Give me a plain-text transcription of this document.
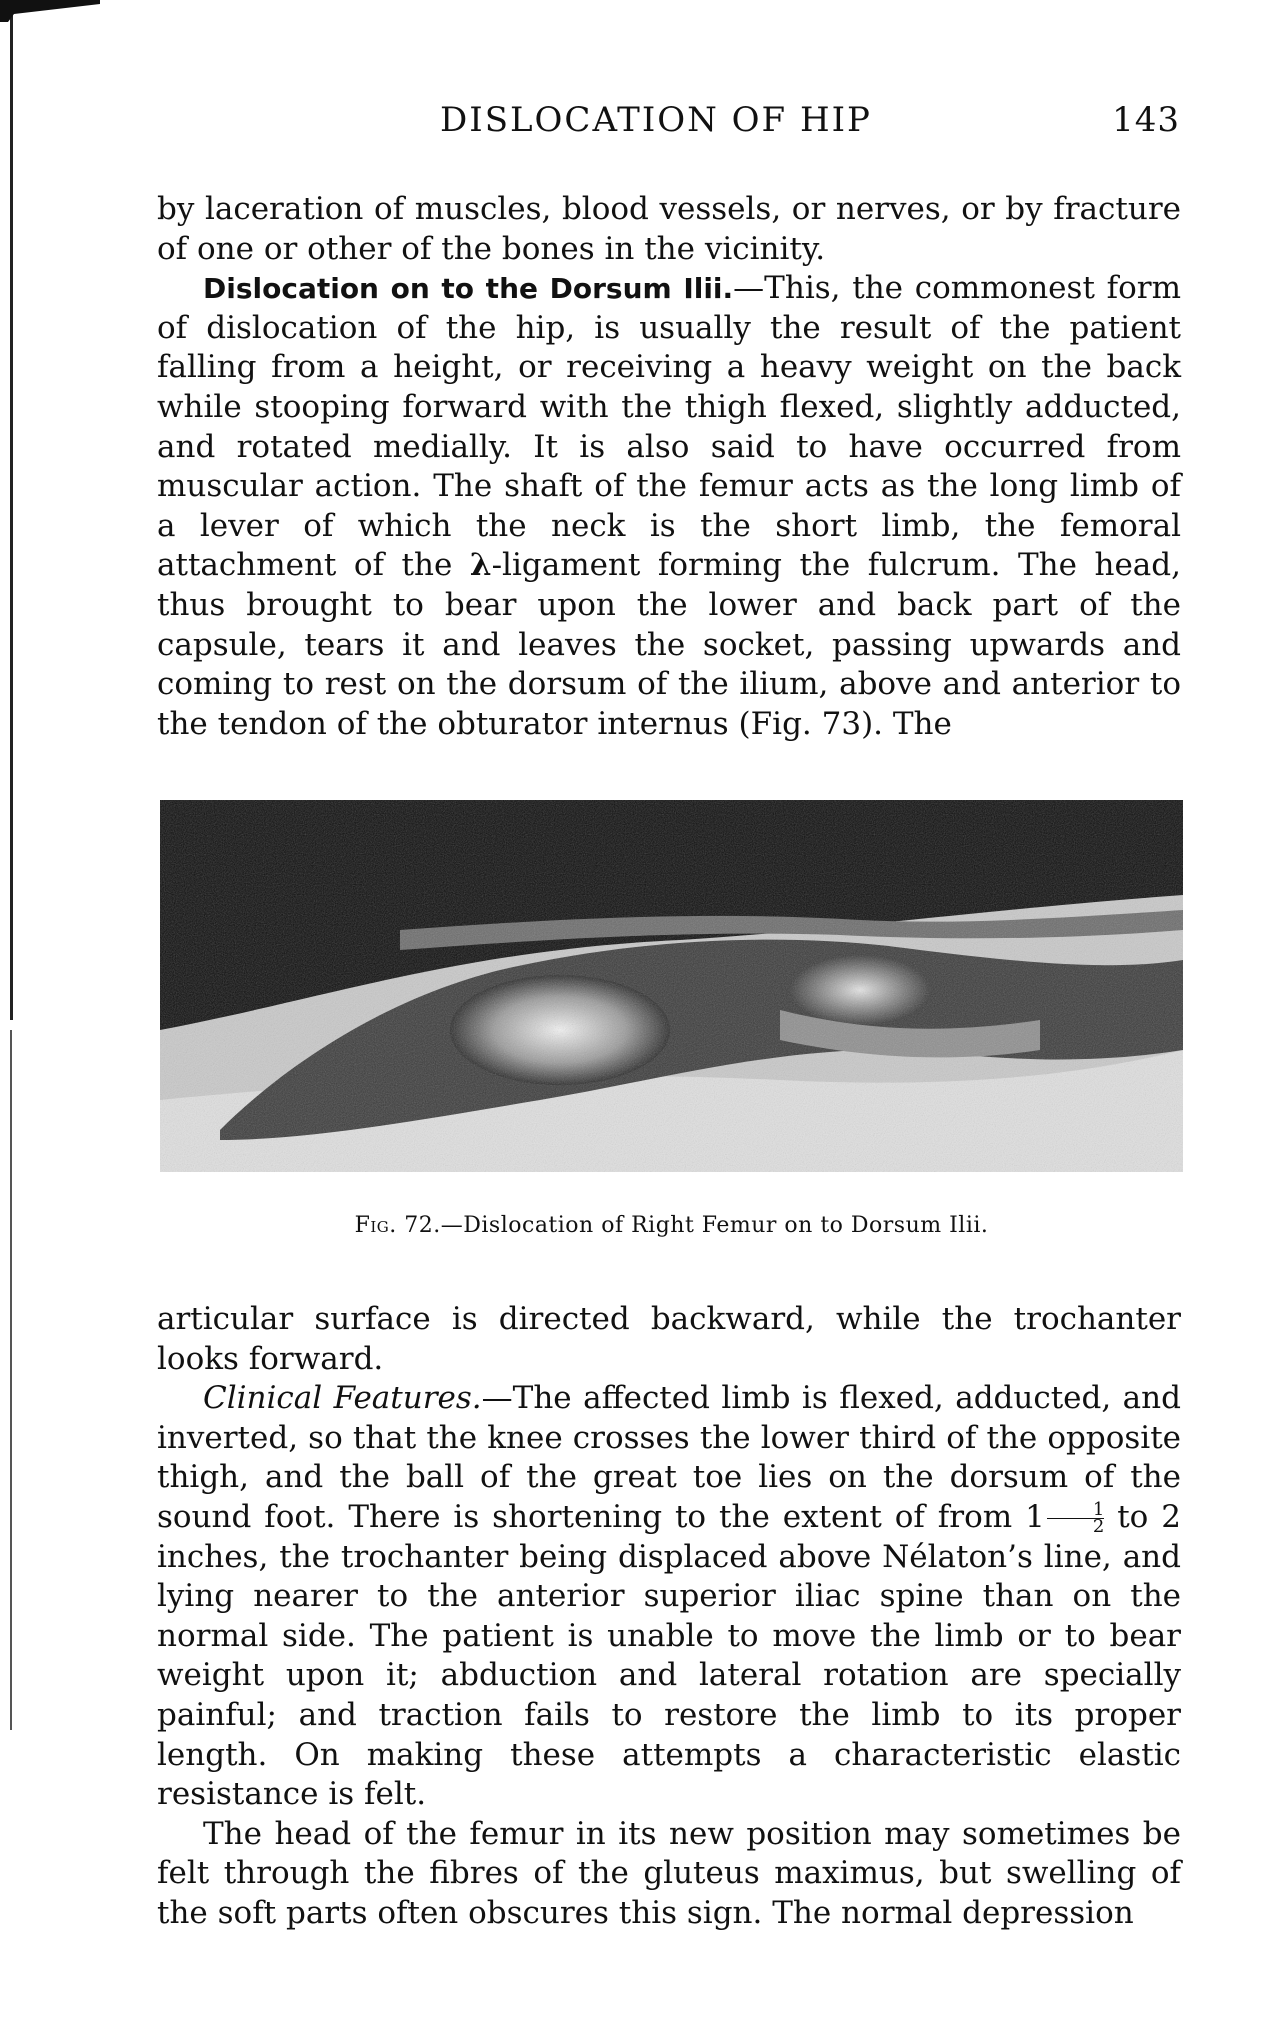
DISLOCATION OF HIP	143

by laceration of muscles, blood vessels, or nerves, or by fracture of one or other of the bones in the vicinity.

Dislocation on to the Dorsum Ilii.—This, the commonest form of dislocation of the hip, is usually the result of the patient falling from a height, or receiving a heavy weight on the back while stooping forward with the thigh flexed, slightly adducted, and rotated medially. It is also said to have occurred from muscular action. The shaft of the femur acts as the long limb of a lever of which the neck is the short limb, the femoral attachment of the λ-ligament forming the fulcrum. The head, thus brought to bear upon the lower and back part of the capsule, tears it and leaves the socket, passing upwards and coming to rest on the dorsum of the ilium, above and anterior to the tendon of the obturator internus (Fig. 73). The

Fig. 72.—Dislocation of Right Femur on to Dorsum Ilii.

articular surface is directed backward, while the trochanter looks forward.

Clinical Features.—The affected limb is flexed, adducted, and inverted, so that the knee crosses the lower third of the opposite thigh, and the ball of the great toe lies on the dorsum of the sound foot. There is shortening to the extent of from $1 \frac{1}{2}$ to 2 inches, the trochanter being displaced above Nélaton’s line, and lying nearer to the anterior superior iliac spine than on the normal side. The patient is unable to move the limb or to bear weight upon it; abduction and lateral rotation are specially painful; and traction fails to restore the limb to its proper length. On making these attempts a characteristic elastic resistance is felt.

The head of the femur in its new position may sometimes be felt through the fibres of the gluteus maximus, but swelling of the soft parts often obscures this sign. The normal depression
